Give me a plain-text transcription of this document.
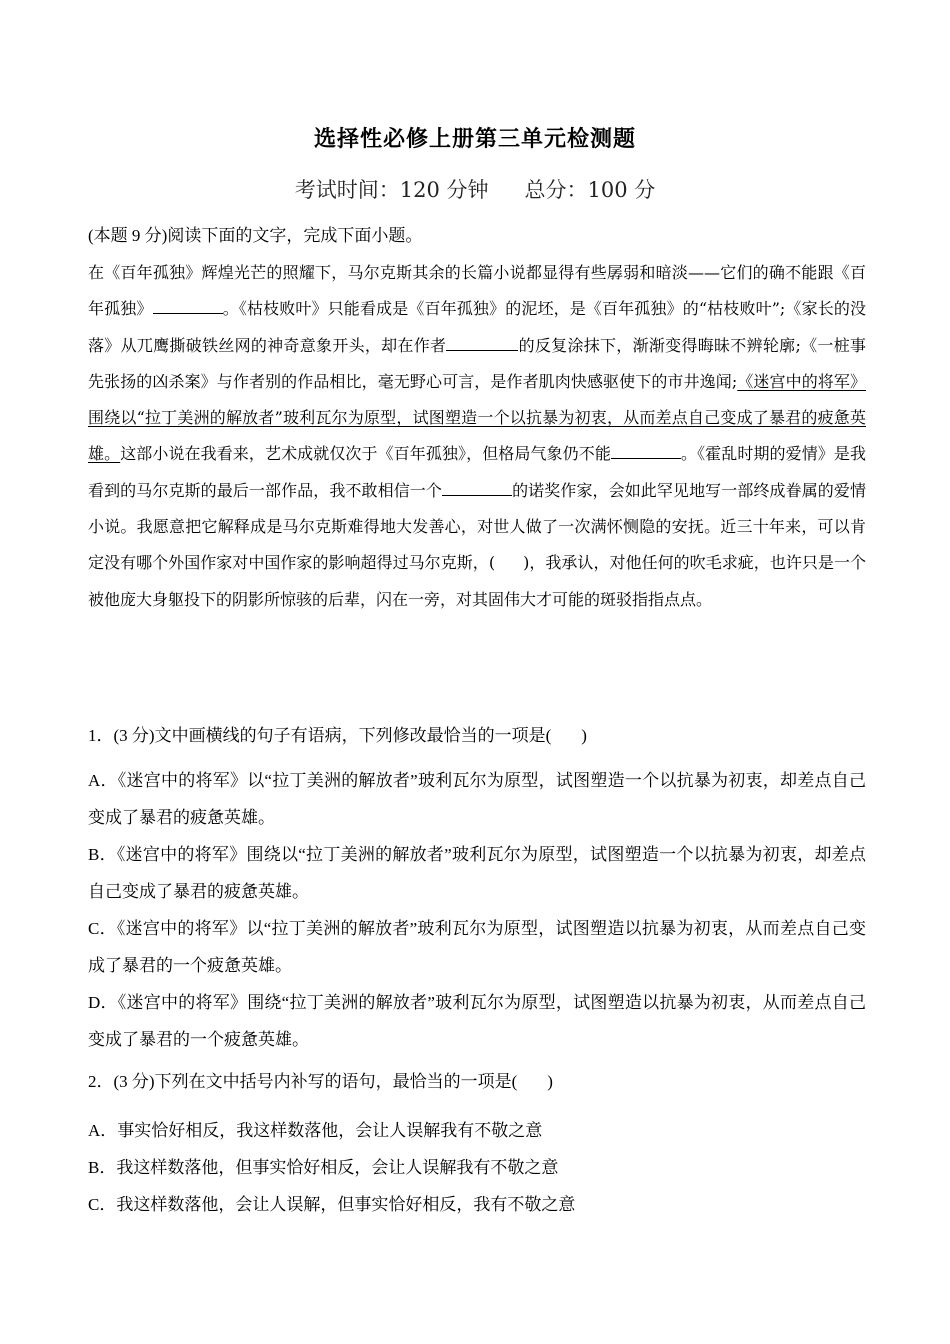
选择性必修上册第三单元检测题
考试时间：120 分钟 总分：100 分
(本题 9 分)阅读下面的文字，完成下面小题。

在《百年孤独》辉煌光芒的照耀下，马尔克斯其余的长篇小说都显得有些孱弱和暗淡——它们的确不能跟《百年孤独》	。《枯枝败叶》只能看成是《百年孤独》的泥坯，是《百年孤独》的“枯枝败叶”;《家长的没落》从兀鹰撕破铁丝网的神奇意象开头，却在作者	的反复涂抹下，渐渐变得晦昧不辨轮廓;《一桩事先张扬的凶杀案》与作者别的作品相比，毫无野心可言，是作者肌肉快感驱使下的市井逸闻;《迷宫中的将军》围绕以“拉丁美洲的解放者”玻利瓦尔为原型，试图塑造一个以抗暴为初衷，从而差点自己变成了暴君的疲惫英雄。这部小说在我看来，艺术成就仅次于《百年孤独》，但格局气象仍不能	。《霍乱时期的爱情》是我看到的马尔克斯的最后一部作品，我不敢相信一个	的诺奖作家，会如此罕见地写一部终成眷属的爱情小说。我愿意把它解释成是马尔克斯难得地大发善心，对世人做了一次满怀恻隐的安抚。近三十年来，可以肯定没有哪个外国作家对中国作家的影响超得过马尔克斯，( )，我承认，对他任何的吹毛求疵，也许只是一个被他庞大身躯投下的阴影所惊骇的后辈，闪在一旁，对其固伟大才可能的斑驳指指点点。

1．(3 分)文中画横线的句子有语病，下列修改最恰当的一项是( )

A．《迷宫中的将军》以“拉丁美洲的解放者”玻利瓦尔为原型，试图塑造一个以抗暴为初衷，却差点自己变成了暴君的疲惫英雄。

B．《迷宫中的将军》围绕以“拉丁美洲的解放者”玻利瓦尔为原型，试图塑造一个以抗暴为初衷，却差点自己变成了暴君的疲惫英雄。

C．《迷宫中的将军》以“拉丁美洲的解放者”玻利瓦尔为原型，试图塑造以抗暴为初衷，从而差点自己变成了暴君的一个疲惫英雄。

D．《迷宫中的将军》围绕“拉丁美洲的解放者”玻利瓦尔为原型，试图塑造以抗暴为初衷，从而差点自己变成了暴君的一个疲惫英雄。

2．(3 分)下列在文中括号内补写的语句，最恰当的一项是( )

A．事实恰好相反，我这样数落他，会让人误解我有不敬之意

B．我这样数落他，但事实恰好相反，会让人误解我有不敬之意

C．我这样数落他，会让人误解，但事实恰好相反，我有不敬之意
